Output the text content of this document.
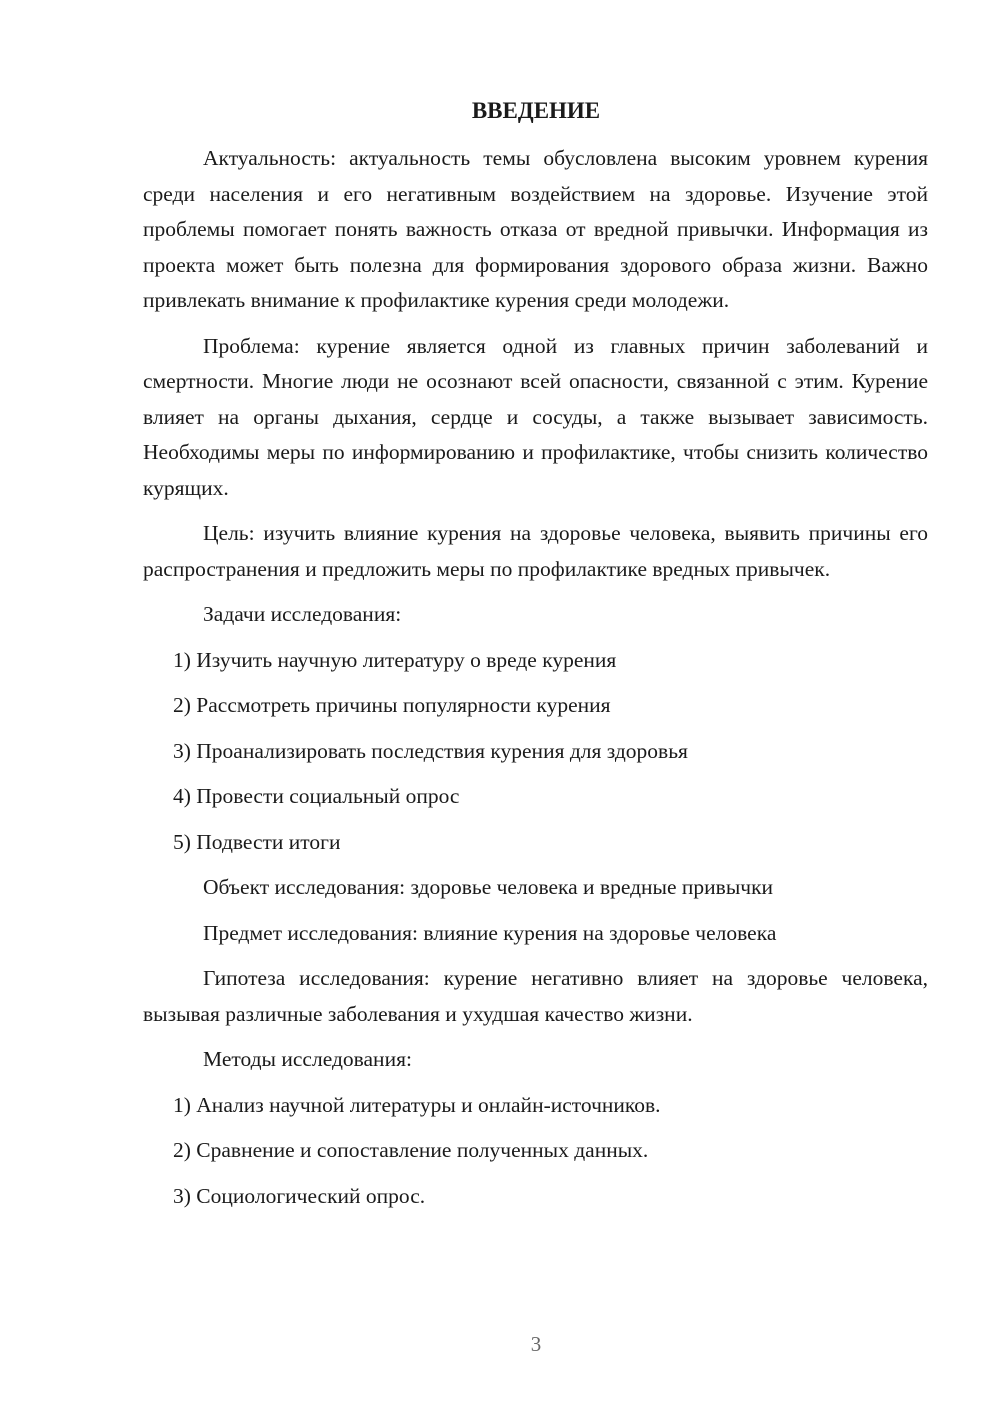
ВВЕДЕНИЕ

Актуальность: актуальность темы обусловлена высоким уровнем курения среди населения и его негативным воздействием на здоровье. Изучение этой проблемы помогает понять важность отказа от вредной привычки. Информация из проекта может быть полезна для формирования здорового образа жизни. Важно привлекать внимание к профилактике курения среди молодежи.

Проблема: курение является одной из главных причин заболеваний и смертности. Многие люди не осознают всей опасности, связанной с этим. Курение влияет на органы дыхания, сердце и сосуды, а также вызывает зависимость. Необходимы меры по информированию и профилактике, чтобы снизить количество курящих.

Цель: изучить влияние курения на здоровье человека, выявить причины его распространения и предложить меры по профилактике вредных привычек.

Задачи исследования:

1) Изучить научную литературу о вреде курения
2) Рассмотреть причины популярности курения
3) Проанализировать последствия курения для здоровья
4) Провести социальный опрос
5) Подвести итоги

Объект исследования: здоровье человека и вредные привычки

Предмет исследования: влияние курения на здоровье человека

Гипотеза исследования: курение негативно влияет на здоровье человека, вызывая различные заболевания и ухудшая качество жизни.

Методы исследования:

1) Анализ научной литературы и онлайн-источников.
2) Сравнение и сопоставление полученных данных.
3) Социологический опрос.
3
